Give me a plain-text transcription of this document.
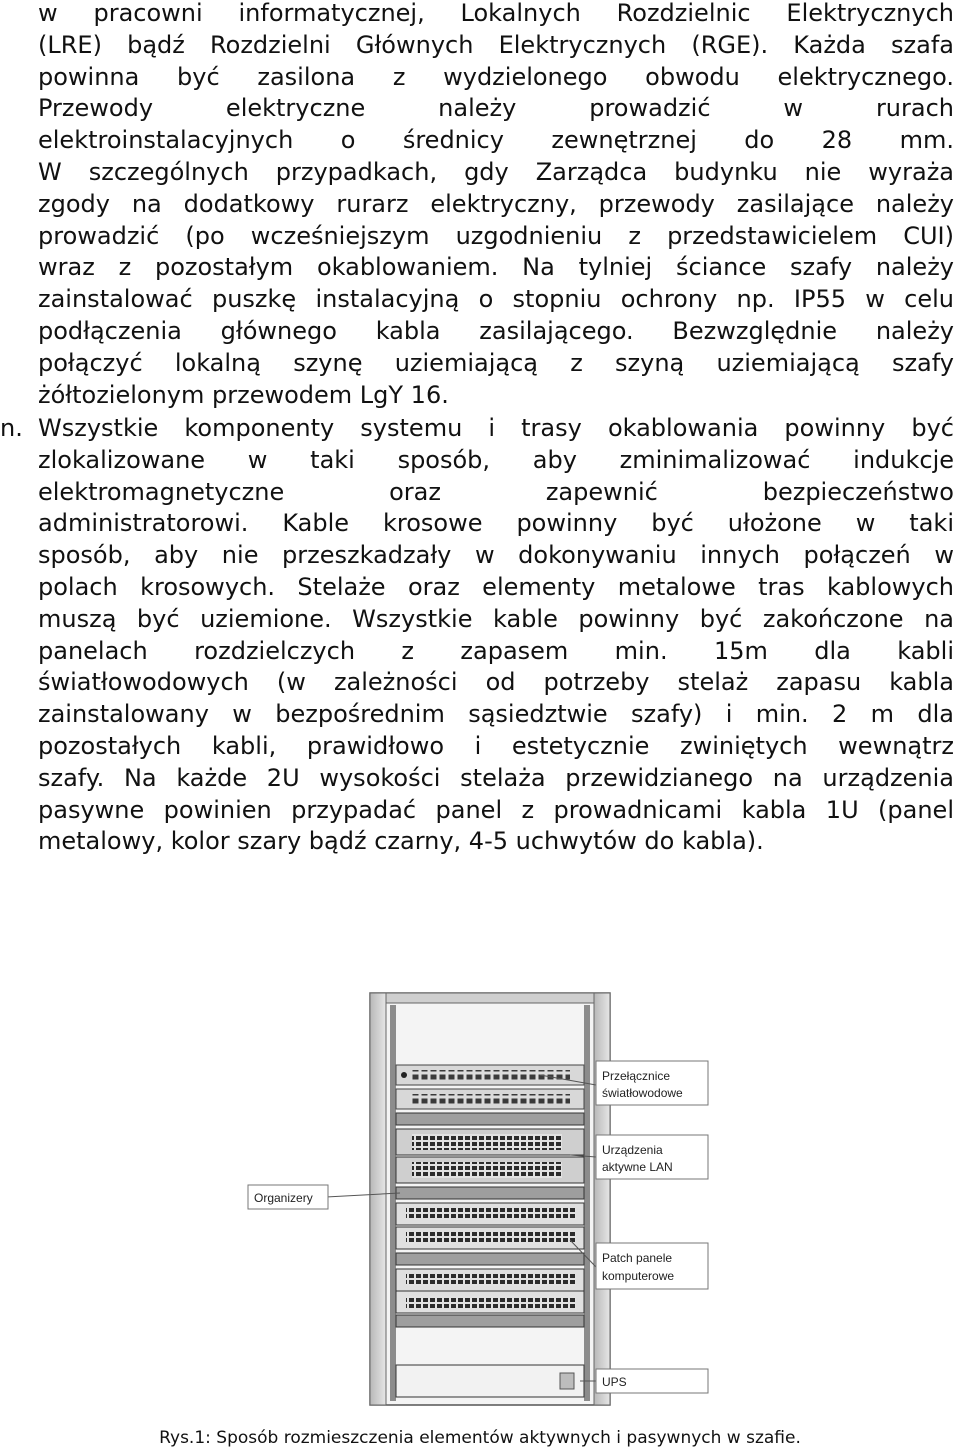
w pracowni informatycznej, Lokalnych Rozdzielnic Elektrycznych
(LRE) bądź Rozdzielni Głównych Elektrycznych (RGE). Każda szafa
powinna być zasilona z wydzielonego obwodu elektrycznego.
Przewody elektryczne należy prowadzić w rurach
elektroinstalacyjnych o średnicy zewnętrznej do 28 mm.
W szczególnych przypadkach, gdy Zarządca budynku nie wyraża
zgody na dodatkowy rurarz elektryczny, przewody zasilające należy
prowadzić (po wcześniejszym uzgodnieniu z przedstawicielem CUI)
wraz z pozostałym okablowaniem. Na tylniej ściance szafy należy
zainstalować puszkę instalacyjną o stopniu ochrony np. IP55 w celu
podłączenia głównego kabla zasilającego. Bezwzględnie należy
połączyć lokalną szynę uziemiającą z szyną uziemiającą szafy
żółtozielonym przewodem LgY 16.
n. Wszystkie komponenty systemu i trasy okablowania powinny być
zlokalizowane w taki sposób, aby zminimalizować indukcje
elektromagnetyczne oraz zapewnić bezpieczeństwo
administratorowi. Kable krosowe powinny być ułożone w taki
sposób, aby nie przeszkadzały w dokonywaniu innych połączeń w
polach krosowych. Stelaże oraz elementy metalowe tras kablowych
muszą być uziemione. Wszystkie kable powinny być zakończone na
panelach rozdzielczych z zapasem min. 15m dla kabli
światłowodowych (w zależności od potrzeby stelaż zapasu kabla
zainstalowany w bezpośrednim sąsiedztwie szafy) i min. 2 m dla
pozostałych kabli, prawidłowo i estetycznie zwiniętych wewnątrz
szafy. Na każde 2U wysokości stelaża przewidzianego na urządzenia
pasywne powinien przypadać panel z prowadnicami kabla 1U (panel
metalowy, kolor szary bądź czarny, 4-5 uchwytów do kabla).
Przełącznice
światłowodowe
Urządzenia
aktywne LAN
Patch panele
komputerowe
UPS
Organizery
Rys.1: Sposób rozmieszczenia elementów aktywnych i pasywnych w szafie.
